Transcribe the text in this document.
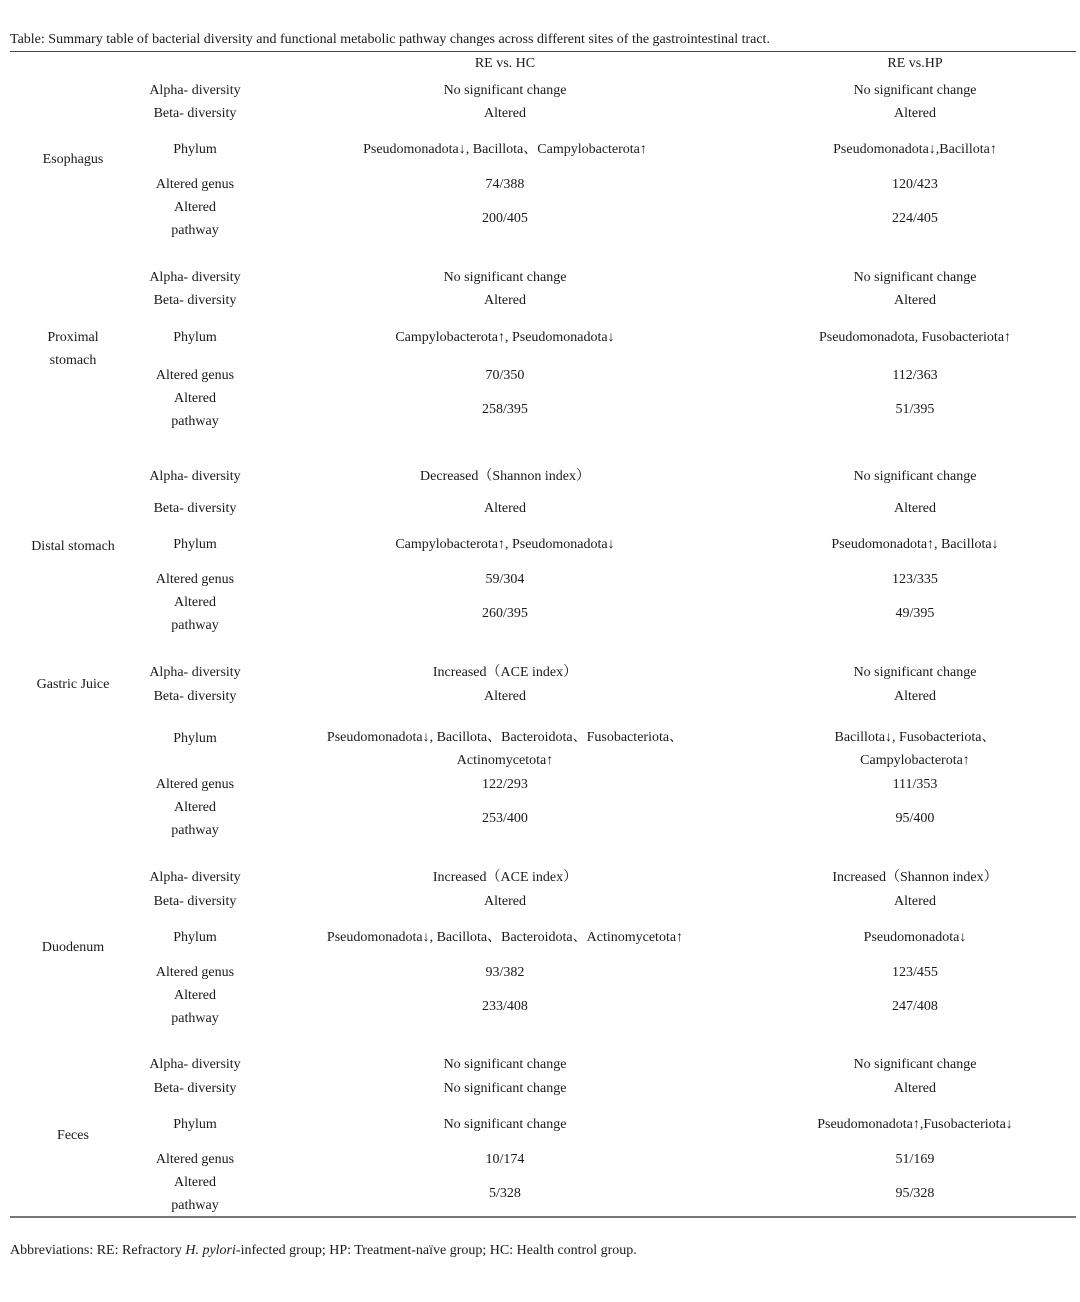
Table: Summary table of bacterial diversity and functional metabolic pathway changes across different sites of the gastrointestinal tract.
RE vs. HC	RE vs.HP
Esophagus
Alpha- diversity
Beta- diversity
Phylum
Altered genus
Altered
pathway
No significant change
Altered
Pseudomonadota↓, Bacillota、Campylobacterota↑
74/388
200/405
No significant change
Altered
Pseudomonadota↓,Bacillota↑
120/423
224/405
Proximal
stomach
Alpha- diversity
Beta- diversity
Phylum
Altered genus
Altered
pathway
No significant change
Altered
Campylobacterota↑, Pseudomonadota↓
70/350
258/395
No significant change
Altered
Pseudomonadota, Fusobacteriota↑
112/363
51/395
Distal stomach
Alpha- diversity
Beta- diversity
Phylum
Altered genus
Altered
pathway
Decreased（Shannon index）
Altered
Campylobacterota↑, Pseudomonadota↓
59/304
260/395
No significant change
Altered
Pseudomonadota↑, Bacillota↓
123/335
49/395
Gastric Juice
Alpha- diversity
Beta- diversity
Phylum
Altered genus
Altered
pathway
Increased（ACE index）
Altered
Pseudomonadota↓, Bacillota、Bacteroidota、Fusobacteriota、
Actinomycetota↑
122/293
253/400
No significant change
Altered
Bacillota↓, Fusobacteriota、
Campylobacterota↑
111/353
95/400
Duodenum
Alpha- diversity
Beta- diversity
Phylum
Altered genus
Altered
pathway
Increased（ACE index）
Altered
Pseudomonadota↓, Bacillota、Bacteroidota、Actinomycetota↑
93/382
233/408
Increased（Shannon index）
Altered
Pseudomonadota↓
123/455
247/408
Feces
Alpha- diversity
Beta- diversity
Phylum
Altered genus
Altered
pathway
No significant change
No significant change
No significant change
10/174
5/328
No significant change
Altered
Pseudomonadota↑,Fusobacteriota↓
51/169
95/328
Abbreviations: RE: Refractory H. pylori-infected group; HP: Treatment-naïve group; HC: Health control group.
